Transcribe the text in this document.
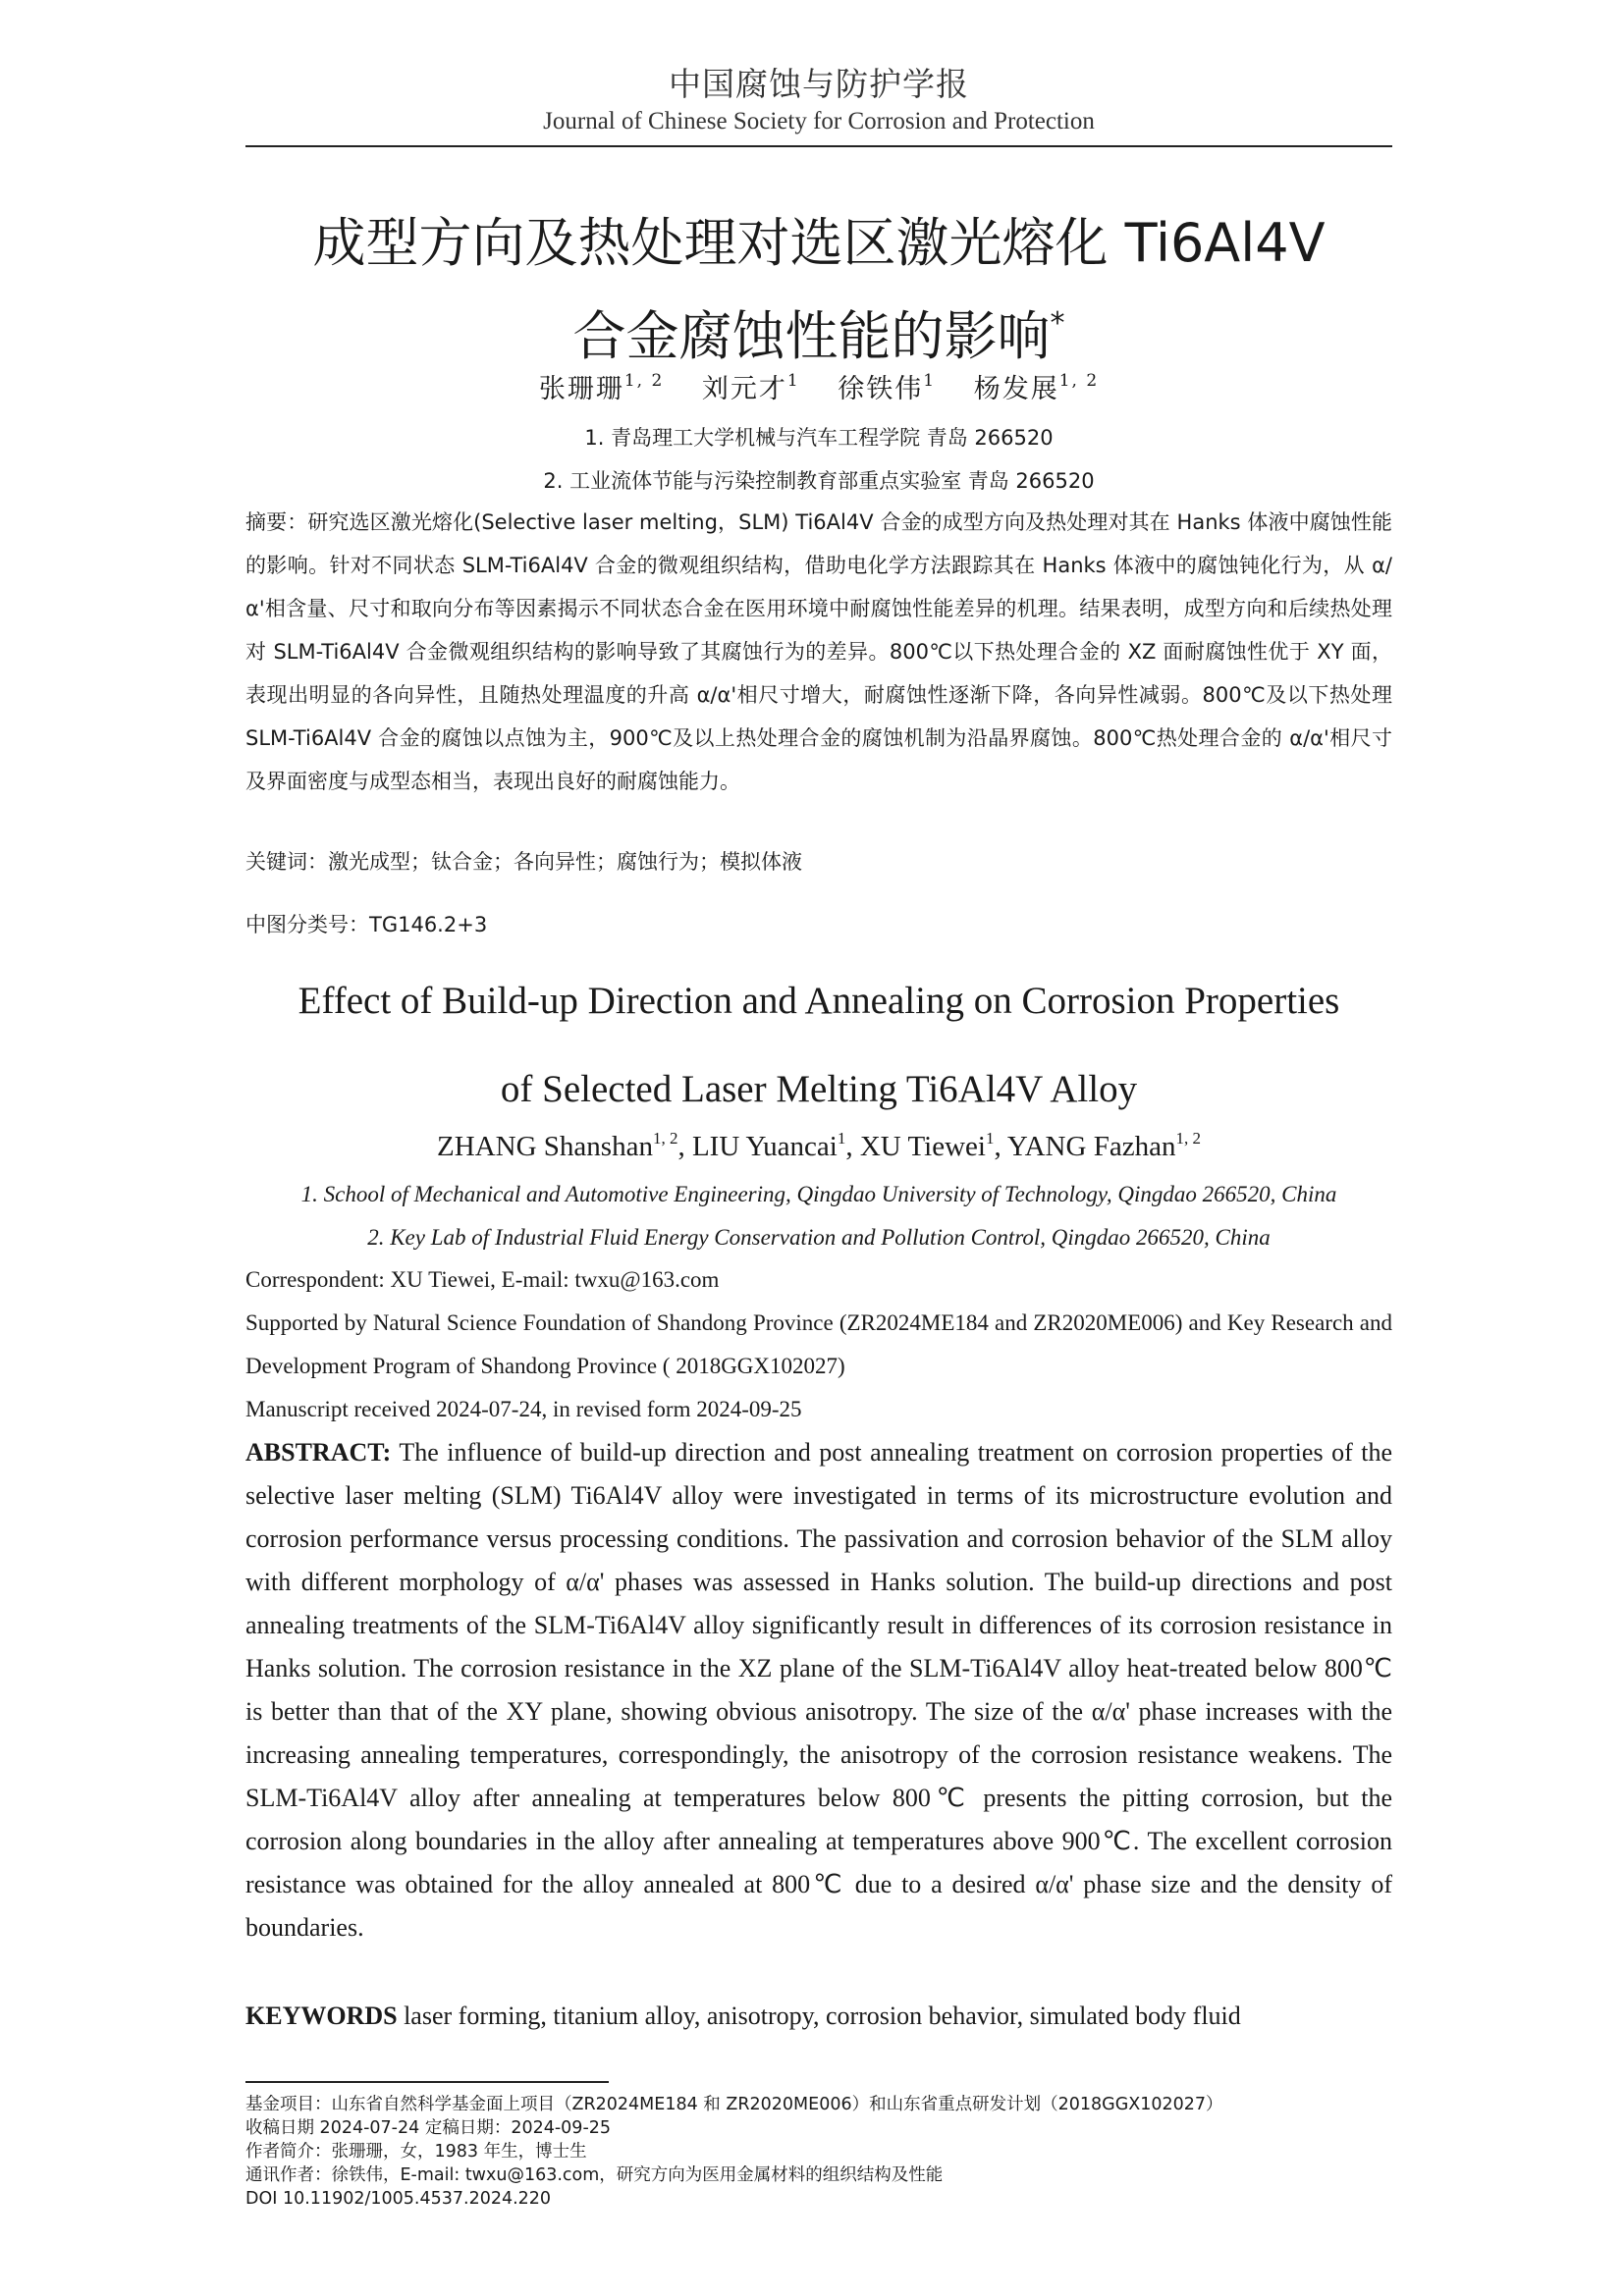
中国腐蚀与防护学报
Journal of Chinese Society for Corrosion and Protection
成型方向及热处理对选区激光熔化 Ti6Al4V
合金腐蚀性能的影响*
张珊珊$^{1, 2}$ 刘元才$^1$ 徐铁伟$^1$ 杨发展$^{1, 2}$
1. 青岛理工大学机械与汽车工程学院 青岛 266520
2. 工业流体节能与污染控制教育部重点实验室 青岛 266520
摘要：研究选区激光熔化(Selective laser melting，SLM) Ti6Al4V 合金的成型方向及热处理对其在 Hanks 体液中腐蚀性能的影响。针对不同状态 SLM-Ti6Al4V 合金的微观组织结构，借助电化学方法跟踪其在 Hanks 体液中的腐蚀钝化行为，从 α/α'相含量、尺寸和取向分布等因素揭示不同状态合金在医用环境中耐腐蚀性能差异的机理。结果表明，成型方向和后续热处理对 SLM-Ti6Al4V 合金微观组织结构的影响导致了其腐蚀行为的差异。800℃以下热处理合金的 XZ 面耐腐蚀性优于 XY 面，表现出明显的各向异性，且随热处理温度的升高 α/α'相尺寸增大，耐腐蚀性逐渐下降，各向异性减弱。800℃及以下热处理 SLM-Ti6Al4V 合金的腐蚀以点蚀为主，900℃及以上热处理合金的腐蚀机制为沿晶界腐蚀。800℃热处理合金的 α/α'相尺寸及界面密度与成型态相当，表现出良好的耐腐蚀能力。
关键词：激光成型；钛合金；各向异性；腐蚀行为；模拟体液
中图分类号：TG146.2+3
Effect of Build-up Direction and Annealing on Corrosion Properties
of Selected Laser Melting Ti6Al4V Alloy
ZHANG Shanshan$^{1, 2}$, LIU Yuancai$^1$, XU Tiewei$^1$, YANG Fazhan$^{1, 2}$
1. School of Mechanical and Automotive Engineering, Qingdao University of Technology, Qingdao 266520, China
2. Key Lab of Industrial Fluid Energy Conservation and Pollution Control, Qingdao 266520, China
Correspondent: XU Tiewei, E-mail: twxu@163.com
Supported by Natural Science Foundation of Shandong Province (ZR2024ME184 and ZR2020ME006) and Key Research and Development Program of Shandong Province ( 2018GGX102027)
Manuscript received 2024-07-24, in revised form 2024-09-25
ABSTRACT: The influence of build-up direction and post annealing treatment on corrosion properties of the selective laser melting (SLM) Ti6Al4V alloy were investigated in terms of its microstructure evolution and corrosion performance versus processing conditions. The passivation and corrosion behavior of the SLM alloy with different morphology of α/α' phases was assessed in Hanks solution. The build-up directions and post annealing treatments of the SLM-Ti6Al4V alloy significantly result in differences of its corrosion resistance in Hanks solution. The corrosion resistance in the XZ plane of the SLM-Ti6Al4V alloy heat-treated below 800℃ is better than that of the XY plane, showing obvious anisotropy. The size of the α/α' phase increases with the increasing annealing temperatures, correspondingly, the anisotropy of the corrosion resistance weakens. The SLM-Ti6Al4V alloy after annealing at temperatures below 800℃ presents the pitting corrosion, but the corrosion along boundaries in the alloy after annealing at temperatures above 900℃. The excellent corrosion resistance was obtained for the alloy annealed at 800℃ due to a desired α/α' phase size and the density of boundaries.
KEYWORDS laser forming, titanium alloy, anisotropy, corrosion behavior, simulated body fluid
基金项目：山东省自然科学基金面上项目（ZR2024ME184 和 ZR2020ME006）和山东省重点研发计划（2018GGX102027）
收稿日期 2024-07-24 定稿日期：2024-09-25
作者简介：张珊珊，女，1983 年生，博士生
通讯作者：徐铁伟，E-mail: twxu@163.com，研究方向为医用金属材料的组织结构及性能
DOI 10.11902/1005.4537.2024.220
